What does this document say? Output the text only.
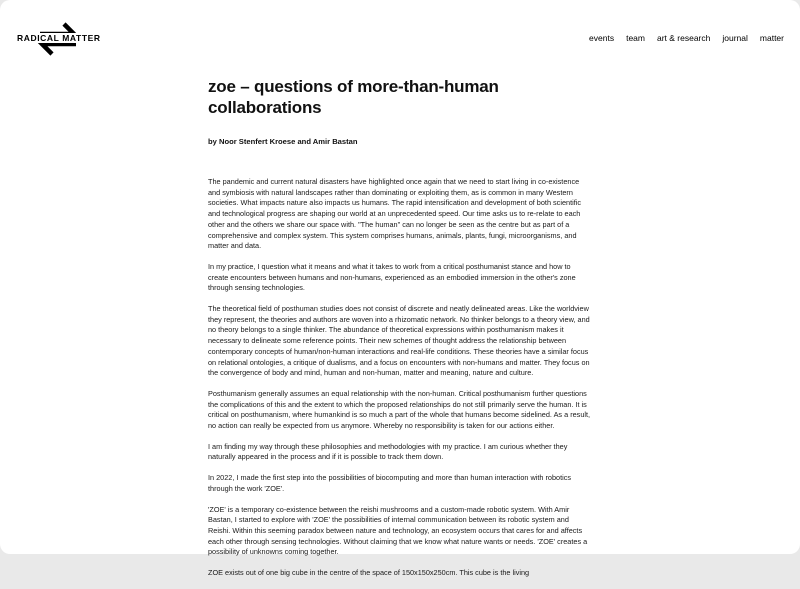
RADICAL MATTER	events team art & research journal matter
zoe – questions of more-than-human collaborations
by Noor Stenfert Kroese and Amir Bastan

The pandemic and current natural disasters have highlighted once again that we need to start living in co-existence and symbiosis with natural landscapes rather than dominating or exploiting them, as is common in many Western societies. What impacts nature also impacts us humans. The rapid intensification and development of both scientific and technological progress are shaping our world at an unprecedented speed. Our time asks us to re-relate to each other and the others we share our space with. "The human" can no longer be seen as the centre but as part of a comprehensive and complex system. This system comprises humans, animals, plants, fungi, microorganisms, and matter and data.

In my practice, I question what it means and what it takes to work from a critical posthumanist stance and how to create encounters between humans and non-humans, experienced as an embodied immersion in the other's zone through sensing technologies.

The theoretical field of posthuman studies does not consist of discrete and neatly delineated areas. Like the worldview they represent, the theories and authors are woven into a rhizomatic network. No thinker belongs to a theory view, and no theory belongs to a single thinker. The abundance of theoretical expressions within posthumanism makes it necessary to delineate some reference points. Their new schemes of thought address the relationship between contemporary concepts of human/non-human interactions and real-life conditions. These theories have a similar focus on relational ontologies, a critique of dualisms, and a focus on encounters with non-humans and matter. They focus on the convergence of body and mind, human and non-human, matter and meaning, nature and culture.

Posthumanism generally assumes an equal relationship with the non-human. Critical posthumanism further questions the complications of this and the extent to which the proposed relationships do not still primarily serve the human. It is critical on posthumanism, where humankind is so much a part of the whole that humans become sidelined. As a result, no action can really be expected from us anymore. Whereby no responsibility is taken for our actions either.

I am finding my way through these philosophies and methodologies with my practice. I am curious whether they naturally appeared in the process and if it is possible to track them down.

In 2022, I made the first step into the possibilities of biocomputing and more than human interaction with robotics through the work 'ZOE'.

'ZOE' is a temporary co-existence between the reishi mushrooms and a custom-made robotic system. With Amir Bastan, I started to explore with 'ZOE' the possibilities of internal communication between its robotic system and Reishi. Within this seeming paradox between nature and technology, an ecosystem occurs that cares for and affects each other through sensing technologies. Without claiming that we know what nature wants or needs. 'ZOE' creates a possibility of unknowns coming together.

ZOE exists out of one big cube in the centre of the space of 150x150x250cm. This cube is the living
